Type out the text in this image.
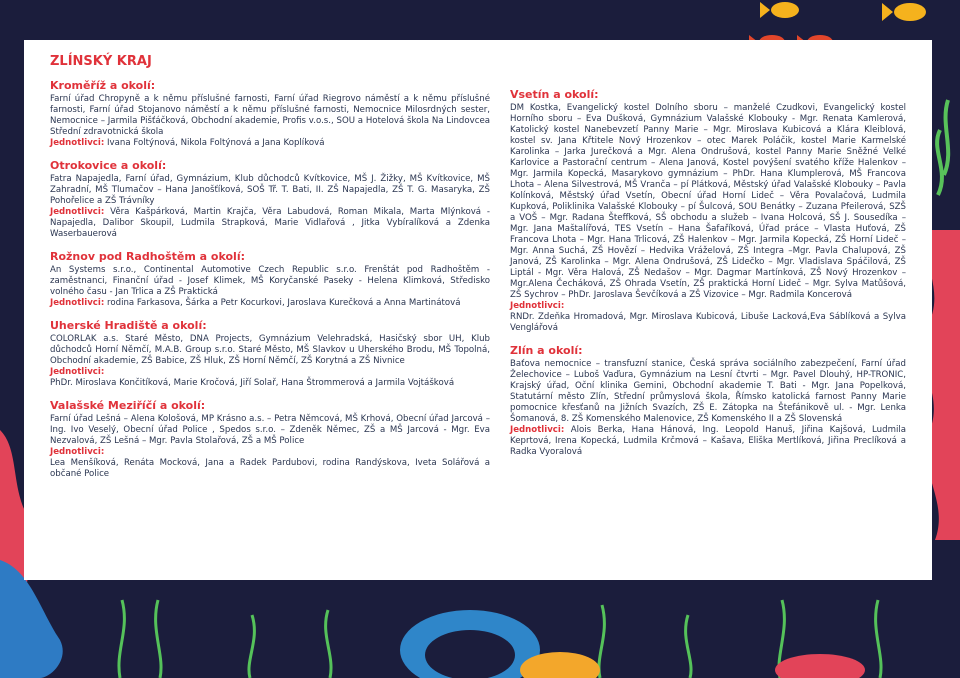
ZLÍNSKÝ KRAJ
Kroměříž a okolí:

Farní úřad Chropyně a k němu příslušné farnosti, Farní úřad Riegrovo náměstí a k němu příslušné farnosti, Farní úřad Stojanovo náměstí a k němu příslušné farnosti, Nemocnice Milosrdných sester, Nemocnice – Jarmila Pišťáčková, Obchodní akademie, Profis v.o.s., SOU a Hotelová škola Na Lindovcea Střední zdravotnická škola

Jednotlivci: Ivana Foltýnová, Nikola Foltýnová a Jana Koplíková

Otrokovice a okolí:

Fatra Napajedla, Farní úřad, Gymnázium, Klub důchodců Kvítkovice, MŠ J. Žižky, MŠ Kvítkovice, MŠ Zahradní, MŠ Tlumačov – Hana Janošťíková, SOŠ Tř. T. Bati, II. ZŠ Napajedla, ZŠ T. G. Masaryka, ZŠ Pohořelice a ZŠ Trávníky

Jednotlivci: Věra Kašpárková, Martin Krajča, Věra Labudová, Roman Mikala, Marta Mlýnková - Napajedla, Dalibor Skoupil, Ludmila Strapková, Marie Vidlařová , Jitka Vybíralíková a Zdenka Waserbauerová

Rožnov pod Radhoštěm a okolí:

An Systems s.r.o., Continental Automotive Czech Republic s.r.o. Frenštát pod Radhoštěm - zaměstnanci, Finanční úřad - Josef Klimek, MŠ Koryčanské Paseky - Helena Klimková, Středisko volného času - Jan Trlica a ZŠ Praktická

Jednotlivci: rodina Farkasova, Šárka a Petr Kocurkovi, Jaroslava Kurečková a Anna Martinátová

Uherské Hradiště a okolí:

COLORLAK a.s. Staré Město, DNA Projects, Gymnázium Velehradská, Hasičský sbor UH, Klub důchodců Horní Němčí, M.A.B. Group s.r.o. Staré Město, MŠ Slavkov u Uherského Brodu, MŠ Topolná, Obchodní akademie, ZŠ Babice, ZŠ Hluk, ZŠ Horní Němčí, ZŠ Korytná a ZŠ Nivnice

Jednotlivci:
PhDr. Miroslava Končitíková, Marie Kročová, Jiří Solař, Hana Štrommerová a Jarmila Vojtášková

Valašské Meziříčí a okolí:

Farní úřad Lešná – Alena Kološová, MP Krásno a.s. – Petra Němcová, MŠ Krhová, Obecní úřad Jarcová – Ing. Ivo Veselý, Obecní úřad Police , Spedos s.r.o. – Zdeněk Němec, ZŠ a MŠ Jarcová - Mgr. Eva Nezvalová, ZŠ Lešná – Mgr. Pavla Stolařová, ZŠ a MŠ Police

Jednotlivci:
Lea Menšíková, Renáta Mocková, Jana a Radek Pardubovi, rodina Randýskova, Iveta Solářová a občané Police

Vsetín a okolí:

DM Kostka, Evangelický kostel Dolního sboru – manželé Czudkovi, Evangelický kostel Horního sboru – Eva Dušková, Gymnázium Valašské Klobouky - Mgr. Renata Kamlerová, Katolický kostel Nanebevzetí Panny Marie – Mgr. Miroslava Kubicová a Klára Kleiblová, kostel sv. Jana Křtitele Nový Hrozenkov – otec Marek Poláčik, kostel Marie Karmelské Karolinka – Jarka Jurečková a Mgr. Alena Ondrušová, kostel Panny Marie Sněžné Velké Karlovice a Pastorační centrum – Alena Janová, Kostel povýšení svatého kříže Halenkov – Mgr. Jarmila Kopecká, Masarykovo gymnázium – PhDr. Hana Klumplerová, MŠ Francova Lhota – Alena Silvestrová, MŠ Vranča – pí Plátková, Městský úřad Valašské Klobouky – Pavla Kolínková, Městský úřad Vsetín, Obecní úřad Horní Lideč – Věra Povalačová, Ludmila Kupková, Poliklinika Valašské Klobouky – pí Šulcová, SOU Benátky – Zuzana Pfeilerová, SZŠ a VOŠ – Mgr. Radana Šteffková, SŠ obchodu a služeb – Ivana Holcová, SŠ J. Sousedíka – Mgr. Jana Maštalířová, TES Vsetín – Hana Šafaříková, Úřad práce – Vlasta Huťová, ZŠ Francova Lhota – Mgr. Hana Trlicová, ZŠ Halenkov – Mgr. Jarmila Kopecká, ZŠ Horní Lideč – Mgr. Anna Suchá, ZŠ Hovězí – Hedvika Vráželová, ZŠ Integra –Mgr. Pavla Chalupová, ZŠ Janová, ZŠ Karolinka – Mgr. Alena Ondrušová, ZŠ Lidečko – Mgr. Vladislava Spáčilová, ZŠ Liptál - Mgr. Věra Halová, ZŠ Nedašov – Mgr. Dagmar Martínková, ZŠ Nový Hrozenkov – Mgr.Alena Čecháková, ZŠ Ohrada Vsetín, ZŠ praktická Horní Lideč – Mgr. Sylva Matůšová, ZŠ Sychrov – PhDr. Jaroslava Ševčíková a ZŠ Vizovice – Mgr. Radmila Koncerová

Jednotlivci:
RNDr. Zdeňka Hromadová, Mgr. Miroslava Kubicová, Libuše Lacková,Eva Sáblíková a Sylva Venglářová

Zlín a okolí:

Baťova nemocnice – transfuzní stanice, Česká správa sociálního zabezpečení, Farní úřad Želechovice – Luboš Vaďura, Gymnázium na Lesní čtvrti – Mgr. Pavel Dlouhý, HP-TRONIC, Krajský úřad, Oční klinika Gemini, Obchodní akademie T. Bati - Mgr. Jana Popelková, Statutární město Zlín, Střední průmyslová škola, Římsko katolická farnost Panny Marie pomocnice křesťanů na Jižních Svazích, ZŠ E. Zátopka na Štefánikově ul. - Mgr. Lenka Šomanová, 8. ZŠ Komenského Malenovice, ZŠ Komenského II a ZŠ Slovenská

Jednotlivci: Alois Berka, Hana Hánová, Ing. Leopold Hanuš, Jiřina Kajšová, Ludmila Keprtová, Irena Kopecká, Ludmila Krčmová – Kašava, Eliška Mertlíková, Jiřina Preclíková a Radka Vyoralová
